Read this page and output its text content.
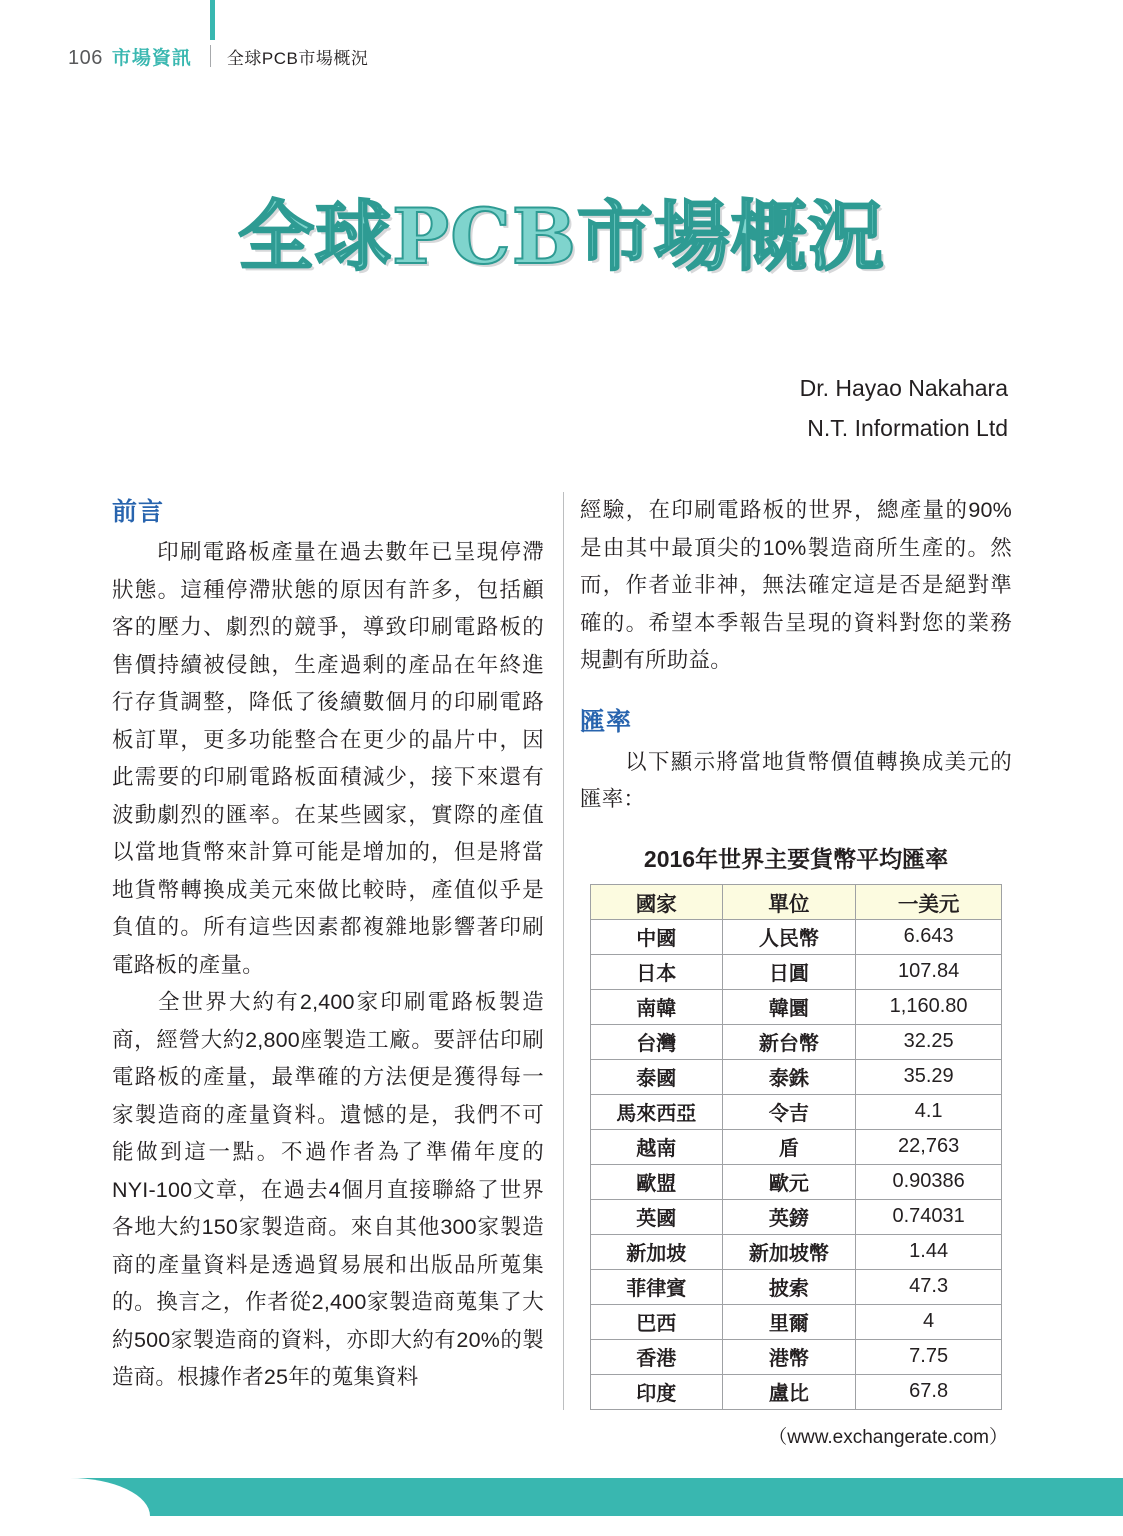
106 市場資訊 全球PCB市場概況
全球PCB市場概況
Dr. Hayao Nakahara
N.T. Information Ltd
前言

印刷電路板產量在過去數年已呈現停滯狀態。這種停滯狀態的原因有許多，包括顧客的壓力、劇烈的競爭，導致印刷電路板的售價持續被侵蝕，生產過剩的產品在年終進行存貨調整，降低了後續數個月的印刷電路板訂單，更多功能整合在更少的晶片中，因此需要的印刷電路板面積減少，接下來還有波動劇烈的匯率。在某些國家，實際的產值以當地貨幣來計算可能是增加的，但是將當地貨幣轉換成美元來做比較時，產值似乎是負值的。所有這些因素都複雜地影響著印刷電路板的產量。

全世界大約有2,400家印刷電路板製造商，經營大約2,800座製造工廠。要評估印刷電路板的產量，最準確的方法便是獲得每一家製造商的產量資料。遺憾的是，我們不可能做到這一點。不過作者為了準備年度的NYI-100文章，在過去4個月直接聯絡了世界各地大約150家製造商。來自其他300家製造商的產量資料是透過貿易展和出版品所蒐集的。換言之，作者從2,400家製造商蒐集了大約500家製造商的資料，亦即大約有20%的製造商。根據作者25年的蒐集資料

經驗，在印刷電路板的世界，總產量的90%是由其中最頂尖的10%製造商所生產的。然而，作者並非神，無法確定這是否是絕對準確的。希望本季報告呈現的資料對您的業務規劃有所助益。

匯率

以下顯示將當地貨幣價值轉換成美元的匯率：

2016年世界主要貨幣平均匯率
國家	單位	一美元
中國	人民幣	6.643
日本	日圓	107.84
南韓	韓圜	1,160.80
台灣	新台幣	32.25
泰國	泰銖	35.29
馬來西亞	令吉	4.1
越南	盾	22,763
歐盟	歐元	0.90386
英國	英鎊	0.74031
新加坡	新加坡幣	1.44
菲律賓	披索	47.3
巴西	里爾	4
香港	港幣	7.75
印度	盧比	67.8
（www.exchangerate.com）
